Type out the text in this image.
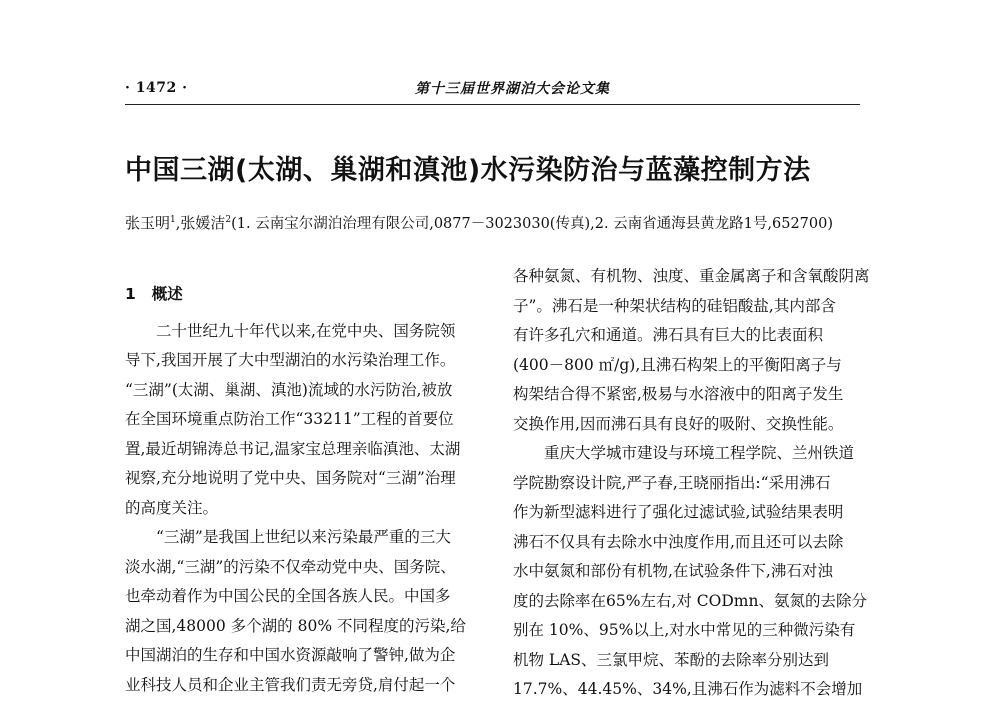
· 1472 ·	第十三届世界湖泊大会论文集
中国三湖(太湖、巢湖和滇池)水污染防治与蓝藻控制方法
张玉明$^1$,张媛洁$^2$(1. 云南宝尔湖泊治理有限公司,0877－3023030(传真),2. 云南省通海县黄龙路1号,652700)
1 概述
二十世纪九十年代以来,在党中央、国务院领
导下,我国开展了大中型湖泊的水污染治理工作。
“三湖”(太湖、巢湖、滇池)流域的水污防治,被放
在全国环境重点防治工作“33211”工程的首要位
置,最近胡锦涛总书记,温家宝总理亲临滇池、太湖
视察,充分地说明了党中央、国务院对“三湖”治理
的高度关注。
“三湖”是我国上世纪以来污染最严重的三大
淡水湖,“三湖”的污染不仅牵动党中央、国务院、
也牵动着作为中国公民的全国各族人民。中国多
湖之国,48000 多个湖的 80% 不同程度的污染,给
中国湖泊的生存和中国水资源敲响了警钟,做为企
业科技人员和企业主管我们责无旁贷,肩付起一个
各种氨氮、有机物、浊度、重金属离子和含氧酸阴离
子”。沸石是一种架状结构的硅铝酸盐,其内部含
有许多孔穴和通道。沸石具有巨大的比表面积
(400－800 ㎡/g),且沸石构架上的平衡阳离子与
构架结合得不紧密,极易与水溶液中的阳离子发生
交换作用,因而沸石具有良好的吸附、交换性能。
重庆大学城市建设与环境工程学院、兰州铁道
学院勘察设计院,严子春,王晓丽指出:“采用沸石
作为新型滤料进行了强化过滤试验,试验结果表明
沸石不仅具有去除水中浊度作用,而且还可以去除
水中氨氮和部份有机物,在试验条件下,沸石对浊
度的去除率在65%左右,对 CODmn、氨氮的去除分
别在 10%、95%以上,对水中常见的三种微污染有
机物 LAS、三氯甲烷、苯酚的去除率分别达到
17.7%、44.45%、34%,且沸石作为滤料不会增加
